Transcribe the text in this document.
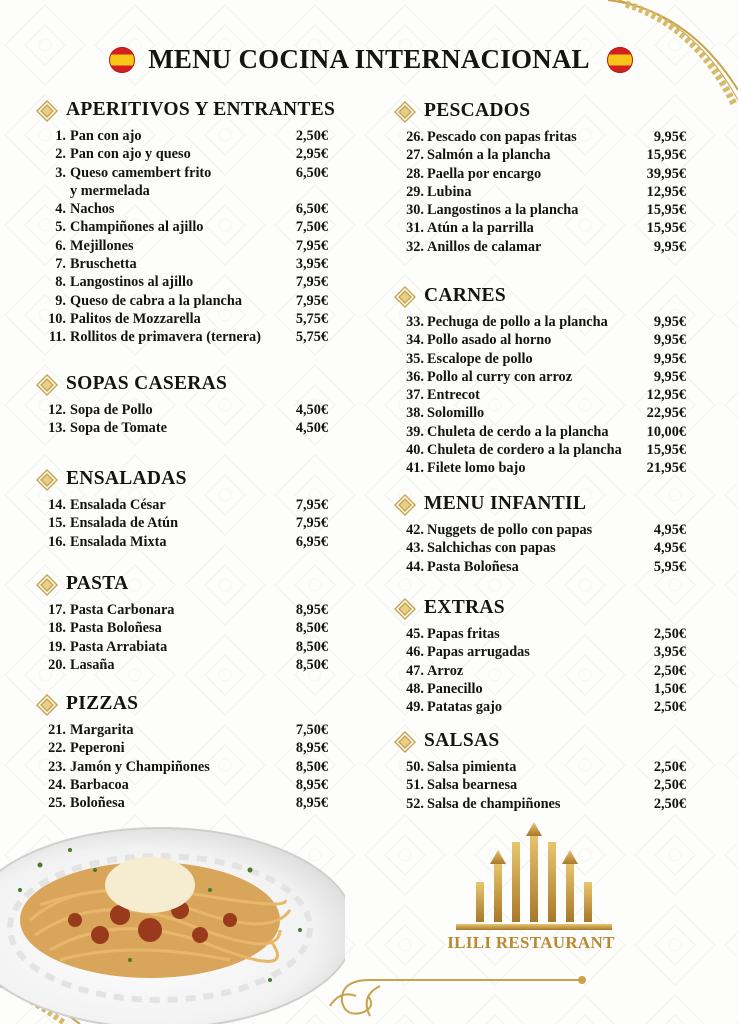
MENU COCINA INTERNACIONAL
APERITIVOS Y ENTRANTES
1. Pan con ajo	2,50€
2. Pan con ajo y queso	2,95€
3. Queso camembert frito	6,50€
y mermelada
4. Nachos	6,50€
5. Champiñones al ajillo	7,50€
6. Mejillones	7,95€
7. Bruschetta	3,95€
8. Langostinos al ajillo	7,95€
9. Queso de cabra a la plancha	7,95€
10. Palitos de Mozzarella	5,75€
11. Rollitos de primavera (ternera) 5,75€
SOPAS CASERAS
12. Sopa de Pollo	4,50€
13. Sopa de Tomate	4,50€
ENSALADAS
14. Ensalada César	7,95€
15. Ensalada de Atún	7,95€
16. Ensalada Mixta	6,95€
PASTA
17. Pasta Carbonara	8,95€
18. Pasta Boloñesa	8,50€
19. Pasta Arrabiata	8,50€
20. Lasaña	8,50€
PIZZAS
21. Margarita	7,50€
22. Peperoni	8,95€
23. Jamón y Champiñones	8,50€
24. Barbacoa	8,95€
25. Boloñesa	8,95€
PESCADOS
26. Pescado con papas fritas	9,95€
27. Salmón a la plancha	15,95€
28. Paella por encargo	39,95€
29. Lubina	12,95€
30. Langostinos a la plancha	15,95€
31. Atún a la parrilla	15,95€
32. Anillos de calamar	9,95€
CARNES
33. Pechuga de pollo a la plancha	9,95€
34. Pollo asado al horno	9,95€
35. Escalope de pollo	9,95€
36. Pollo al curry con arroz	9,95€
37. Entrecot	12,95€
38. Solomillo	22,95€
39. Chuleta de cerdo a la plancha	10,00€
40. Chuleta de cordero a la plancha 15,95€
41. Filete lomo bajo	21,95€
MENU INFANTIL
42. Nuggets de pollo con papas	4,95€
43. Salchichas con papas	4,95€
44. Pasta Boloñesa	5,95€
EXTRAS
45. Papas fritas	2,50€
46. Papas arrugadas	3,95€
47. Arroz	2,50€
48. Panecillo	1,50€
49. Patatas gajo	2,50€
SALSAS
50. Salsa pimienta	2,50€
51. Salsa bearnesa	2,50€
52. Salsa de champiñones	2,50€
ILILI RESTAURANT
